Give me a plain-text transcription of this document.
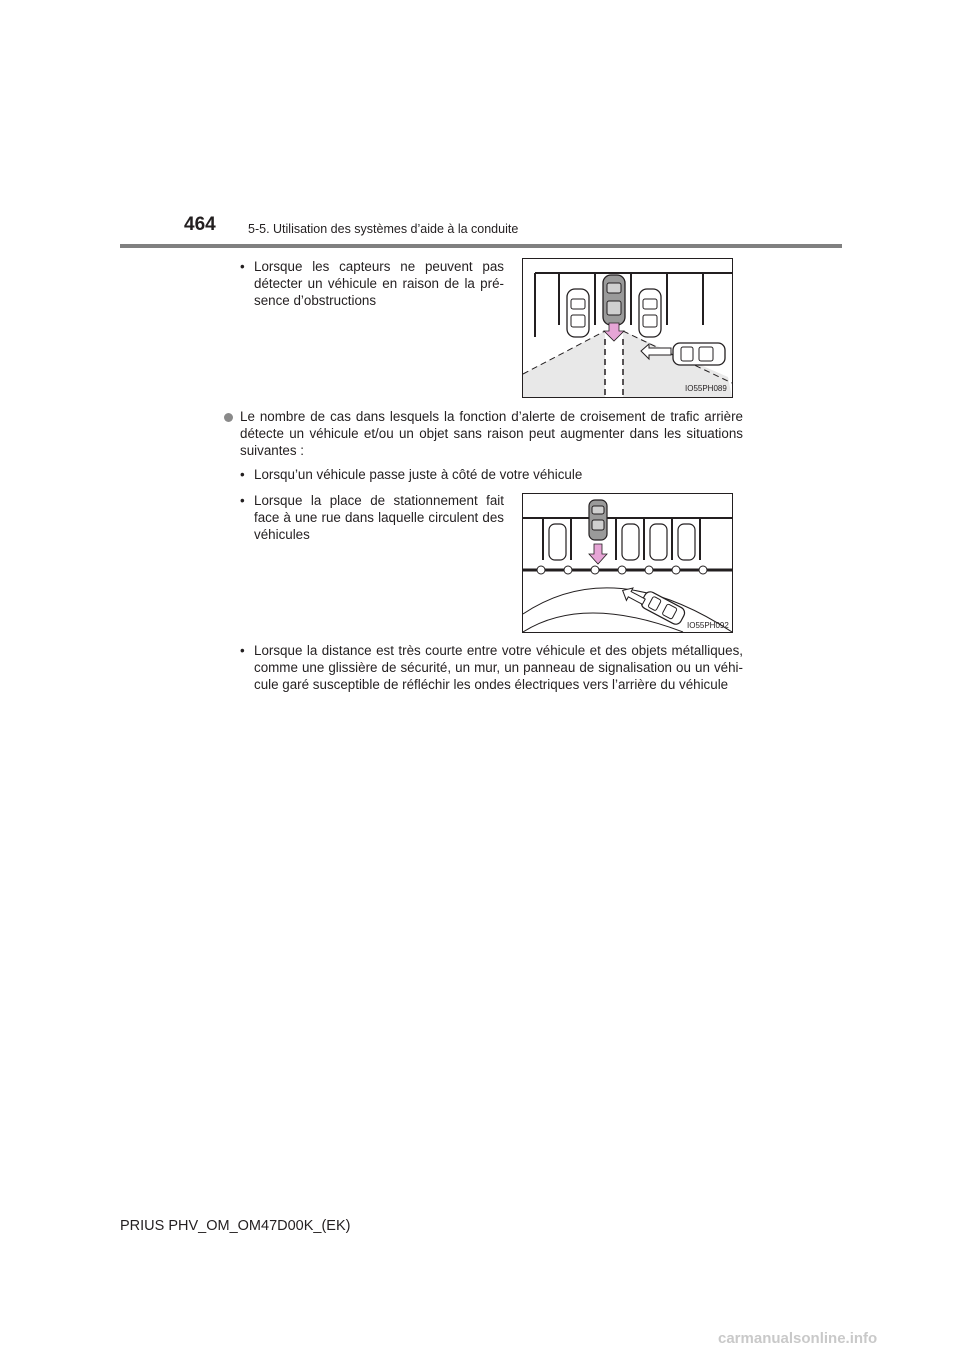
464	5-5. Utilisation des systèmes d’aide à la conduite
• Lorsque les capteurs ne peuvent pas
détecter un véhicule en raison de la pré-
sence d’obstructions
IO55PH089
Le nombre de cas dans lesquels la fonction d’alerte de croisement de trafic arrière
détecte un véhicule et/ou un objet sans raison peut augmenter dans les situations
suivantes :
• Lorsqu’un véhicule passe juste à côté de votre véhicule
• Lorsque la place de stationnement fait
face à une rue dans laquelle circulent des
véhicules
IO55PH092
• Lorsque la distance est très courte entre votre véhicule et des objets métalliques,
comme une glissière de sécurité, un mur, un panneau de signalisation ou un véhi-
cule garé susceptible de réfléchir les ondes électriques vers l’arrière du véhicule
PRIUS PHV_OM_OM47D00K_(EK)
carmanualsonline.info
